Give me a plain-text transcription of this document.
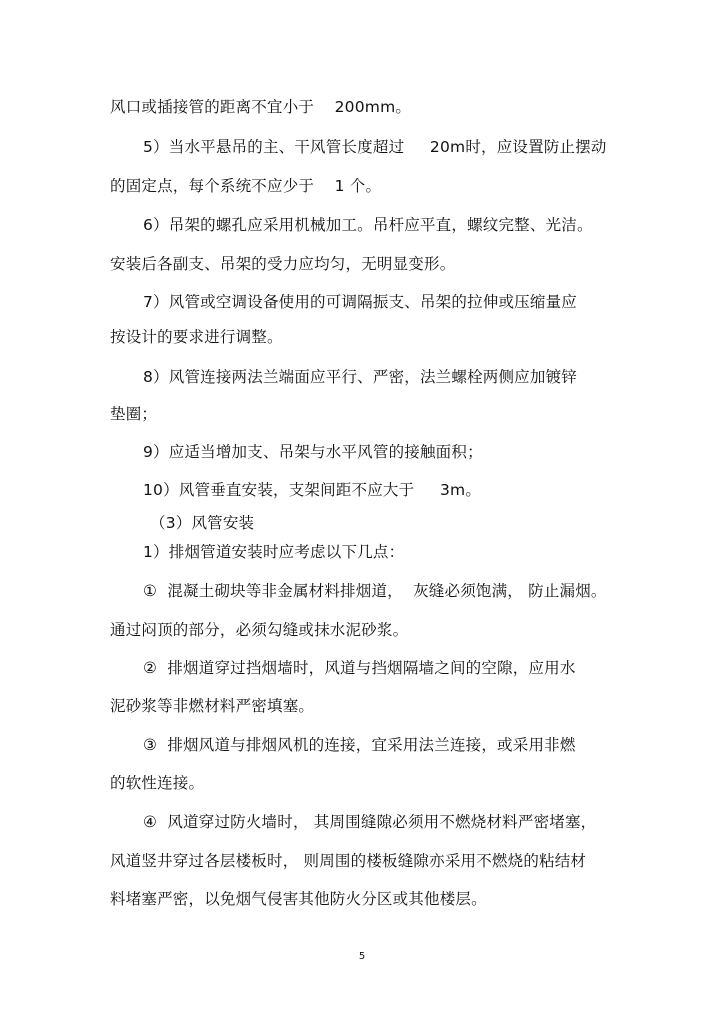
风口或插接管的距离不宜小于    200mm。
5）当水平悬吊的主、干风管长度超过     20m时，应设置防止摆动
的固定点，每个系统不应少于    1 个。
6）吊架的螺孔应采用机械加工。吊杆应平直，螺纹完整、光洁。
安装后各副支、吊架的受力应均匀，无明显变形。
7）风管或空调设备使用的可调隔振支、吊架的拉伸或压缩量应
按设计的要求进行调整。
8）风管连接两法兰端面应平行、严密，法兰螺栓两侧应加镀锌
垫圈；
9）应适当增加支、吊架与水平风管的接触面积；
10）风管垂直安装，支架间距不应大于     3m。
（3）风管安装
1）排烟管道安装时应考虑以下几点：
①  混凝土砌块等非金属材料排烟道，  灰缝必须饱满， 防止漏烟。
通过闷顶的部分，必须勾缝或抹水泥砂浆。
②  排烟道穿过挡烟墙时，风道与挡烟隔墙之间的空隙，应用水
泥砂浆等非燃材料严密填塞。
③  排烟风道与排烟风机的连接，宜采用法兰连接，或采用非燃
的软性连接。
④  风道穿过防火墙时， 其周围缝隙必须用不燃烧材料严密堵塞，
风道竖井穿过各层楼板时， 则周围的楼板缝隙亦采用不燃烧的粘结材
料堵塞严密，以免烟气侵害其他防火分区或其他楼层。
5
